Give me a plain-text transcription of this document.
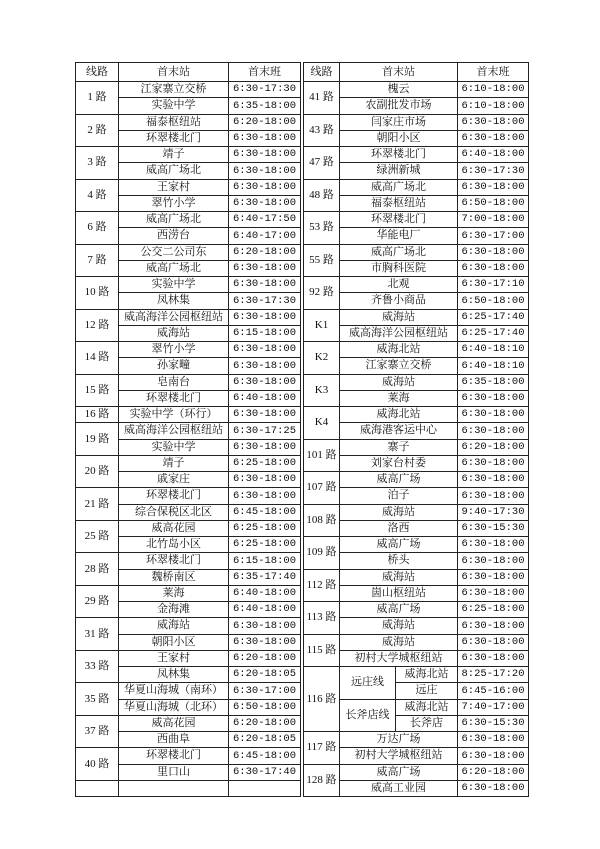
线路	首末站	首末班
1 路
江家寨立交桥	6:30-17:30
实验中学	6:35-18:00
2 路
福泰枢纽站	6:20-18:00
环翠楼北门	6:30-18:00
3 路
靖子	6:30-18:00
威高广场北	6:30-18:00
4 路
王家村	6:30-18:00
翠竹小学	6:30-18:00
6 路
威高广场北	6:40-17:50
西涝台	6:40-17:00
7 路
公交二公司东	6:20-18:00
威高广场北	6:30-18:00
10 路
实验中学	6:30-18:00
凤林集	6:30-17:30
12 路
威高海洋公园枢纽站 6:30-18:00
威海站	6:15-18:00
14 路
翠竹小学	6:30-18:00
孙家疃	6:30-18:00
15 路
皂南台	6:30-18:00
环翠楼北门	6:40-18:00
16 路	实验中学（环行）	6:30-18:00
19 路
威高海洋公园枢纽站 6:30-17:25
实验中学	6:30-18:00
20 路
靖子	6:25-18:00
戚家庄	6:30-18:00
21 路
环翠楼北门	6:30-18:00
综合保税区北区	6:45-18:00
25 路
威高花园	6:25-18:00
北竹岛小区	6:25-18:00
28 路
环翠楼北门	6:15-18:00
魏桥南区	6:35-17:40
29 路
莱海	6:40-18:00
金海滩	6:40-18:00
31 路
威海站	6:30-18:00
朝阳小区	6:30-18:00
33 路
王家村	6:20-18:00
凤林集	6:20-18:05
35 路
华夏山海城（南环） 6:30-17:00
华夏山海城（北环） 6:50-18:00
37 路
威高花园	6:20-18:00
西曲阜	6:20-18:05
40 路
环翠楼北门	6:45-18:00
里口山	6:30-17:40
线路	首末站	首末班
41 路
槐云	6:10-18:00
农副批发市场	6:10-18:00
43 路
闫家庄市场	6:30-18:00
朝阳小区	6:30-18:00
47 路
环翠楼北门	6:40-18:00
绿洲新城	6:30-17:30
48 路
威高广场北	6:30-18:00
福泰枢纽站	6:50-18:00
53 路
环翠楼北门	7:00-18:00
华能电厂	6:30-17:00
55 路
威高广场北	6:30-18:00
市胸科医院	6:30-18:00
92 路
北观	6:30-17:10
齐鲁小商品	6:50-18:00
K1
威海站	6:25-17:40
威高海洋公园枢纽站	6:25-17:40
K2
威海北站	6:40-18:10
江家寨立交桥	6:40-18:10
K3
威海站	6:35-18:00
莱海	6:30-18:00
K4
威海北站	6:30-18:00
威海港客运中心	6:30-18:00
101 路
寨子	6:20-18:00
刘家台村委	6:30-18:00
107 路
威高广场	6:30-18:00
泊子	6:30-18:00
108 路
威海站	9:40-17:30
洛西	6:30-15:30
109 路
威高广场	6:30-18:00
桥头	6:30-18:00
112 路
威海站	6:30-18:00
崮山枢纽站	6:30-18:00
113 路
威高广场	6:25-18:00
威海站	6:30-18:00
115 路
威海站	6:30-18:00
初村大学城枢纽站	6:30-18:00
116 路
远庄线
威海北站	8:25-17:20
远庄	6:45-16:00
长斧店线
威海北站	7:40-17:00
长斧店	6:30-15:30
117 路
万达广场	6:30-18:00
初村大学城枢纽站	6:30-18:00
128 路
威高广场	6:20-18:00
威高工业园	6:30-18:00
